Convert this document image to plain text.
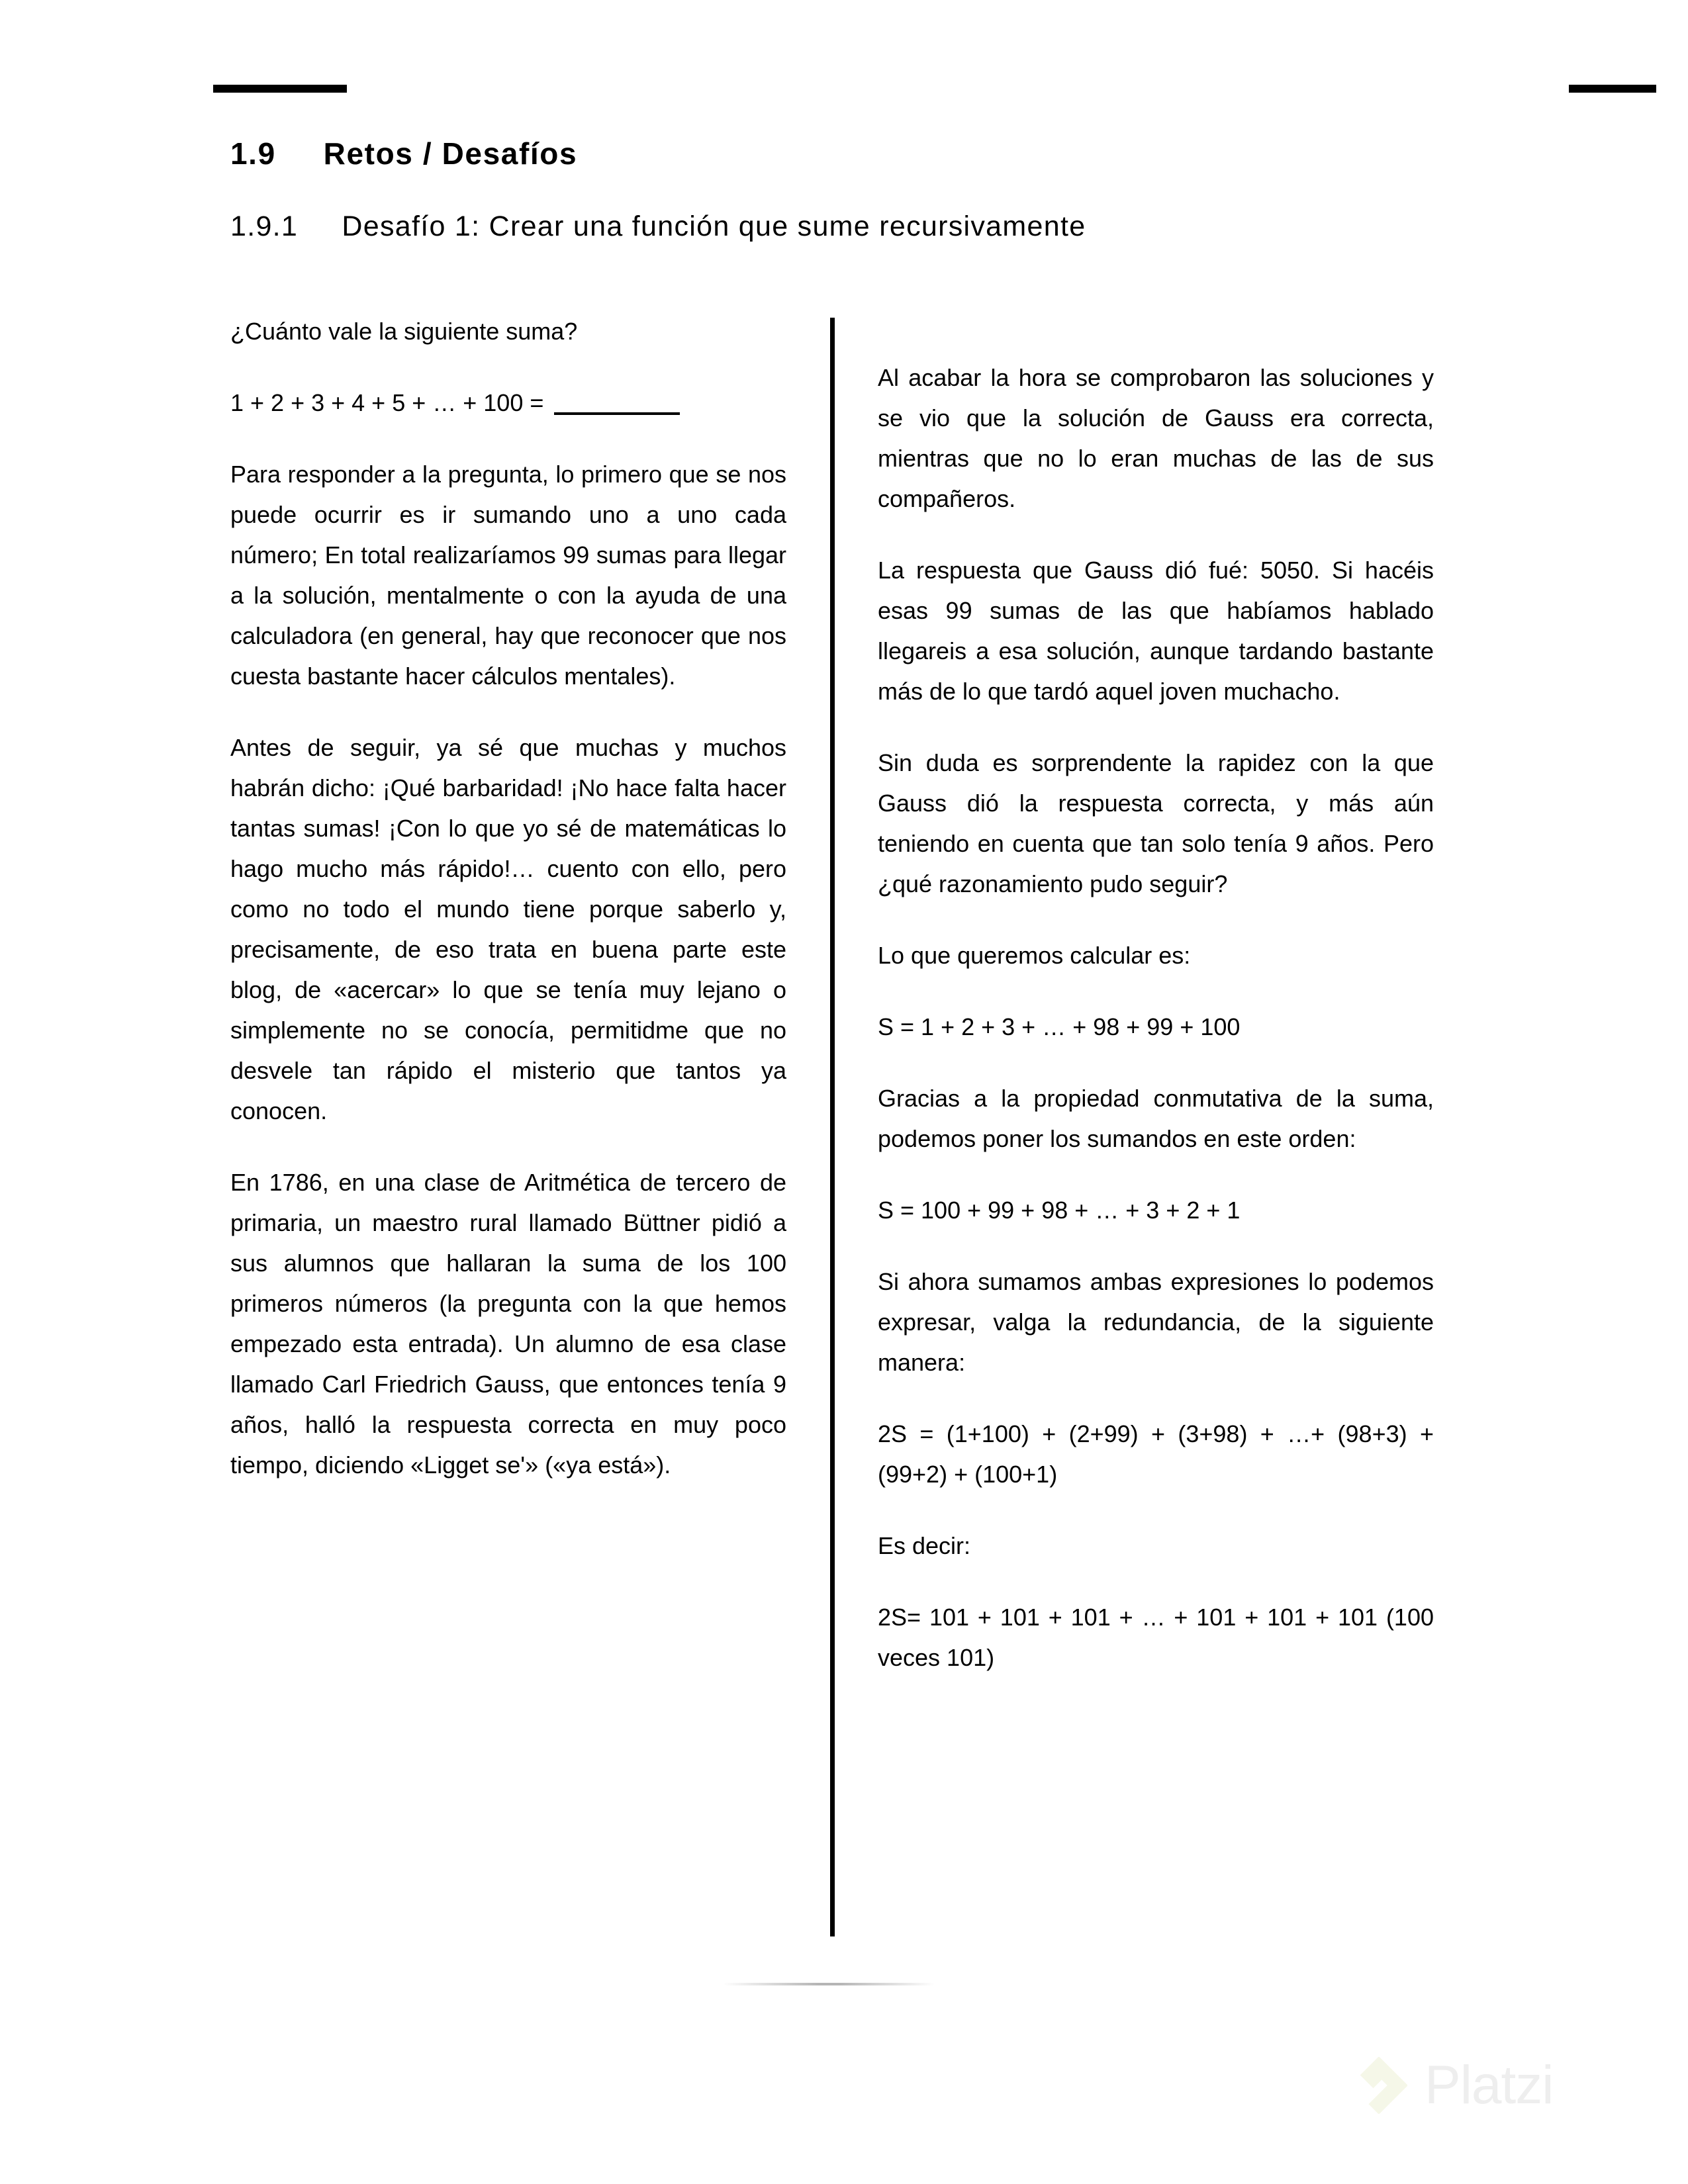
1.9     Retos / Desafíos
1.9.1     Desafío 1: Crear una función que sume recursivamente

¿Cuánto vale la siguiente suma?

1 + 2 + 3 + 4 + 5 + … + 100 =

Para responder a la pregunta, lo primero que se nos puede ocurrir es ir sumando uno a uno cada número; En total realizaríamos 99 sumas para llegar a la solución, mentalmente o con la ayuda de una calculadora (en general, hay que reconocer que nos cuesta bastante hacer cálculos mentales).

Antes de seguir, ya sé que muchas y muchos habrán dicho: ¡Qué barbaridad! ¡No hace falta hacer tantas sumas! ¡Con lo que yo sé de matemáticas lo hago mucho más rápido!… cuento con ello, pero como no todo el mundo tiene porque saberlo y, precisamente, de eso trata en buena parte este blog, de «acercar» lo que se tenía muy lejano o simplemente no se conocía, permitidme que no desvele tan rápido el misterio que tantos ya conocen.

En 1786, en una clase de Aritmética de tercero de primaria, un maestro rural llamado Büttner pidió a sus alumnos que hallaran la suma de los 100 primeros números (la pregunta con la que hemos empezado esta entrada). Un alumno de esa clase llamado Carl Friedrich Gauss, que entonces tenía 9 años, halló la respuesta correcta en muy poco tiempo, diciendo «Ligget se'» («ya está»).

Al acabar la hora se comprobaron las soluciones y se vio que la solución de Gauss era correcta, mientras que no lo eran muchas de las de sus compañeros.

La respuesta que Gauss dió fué: 5050. Si hacéis esas 99 sumas de las que habíamos hablado llegareis a esa solución, aunque tardando bastante más de lo que tardó aquel joven muchacho.

Sin duda es sorprendente la rapidez con la que Gauss dió la respuesta correcta, y más aún teniendo en cuenta que tan solo tenía 9 años. Pero ¿qué razonamiento pudo seguir?

Lo que queremos calcular es:

S = 1 + 2 + 3 + … + 98 + 99 + 100

Gracias a la propiedad conmutativa de la suma, podemos poner los sumandos en este orden:

S = 100 + 99 + 98 + … + 3 + 2 + 1

Si ahora sumamos ambas expresiones lo podemos expresar, valga la redundancia, de la siguiente manera:

2S = (1+100) + (2+99) + (3+98) + …+ (98+3) + (99+2) + (100+1)

Es decir:

2S= 101 + 101 + 101 + … + 101 + 101 + 101 (100 veces 101)

Platzi
